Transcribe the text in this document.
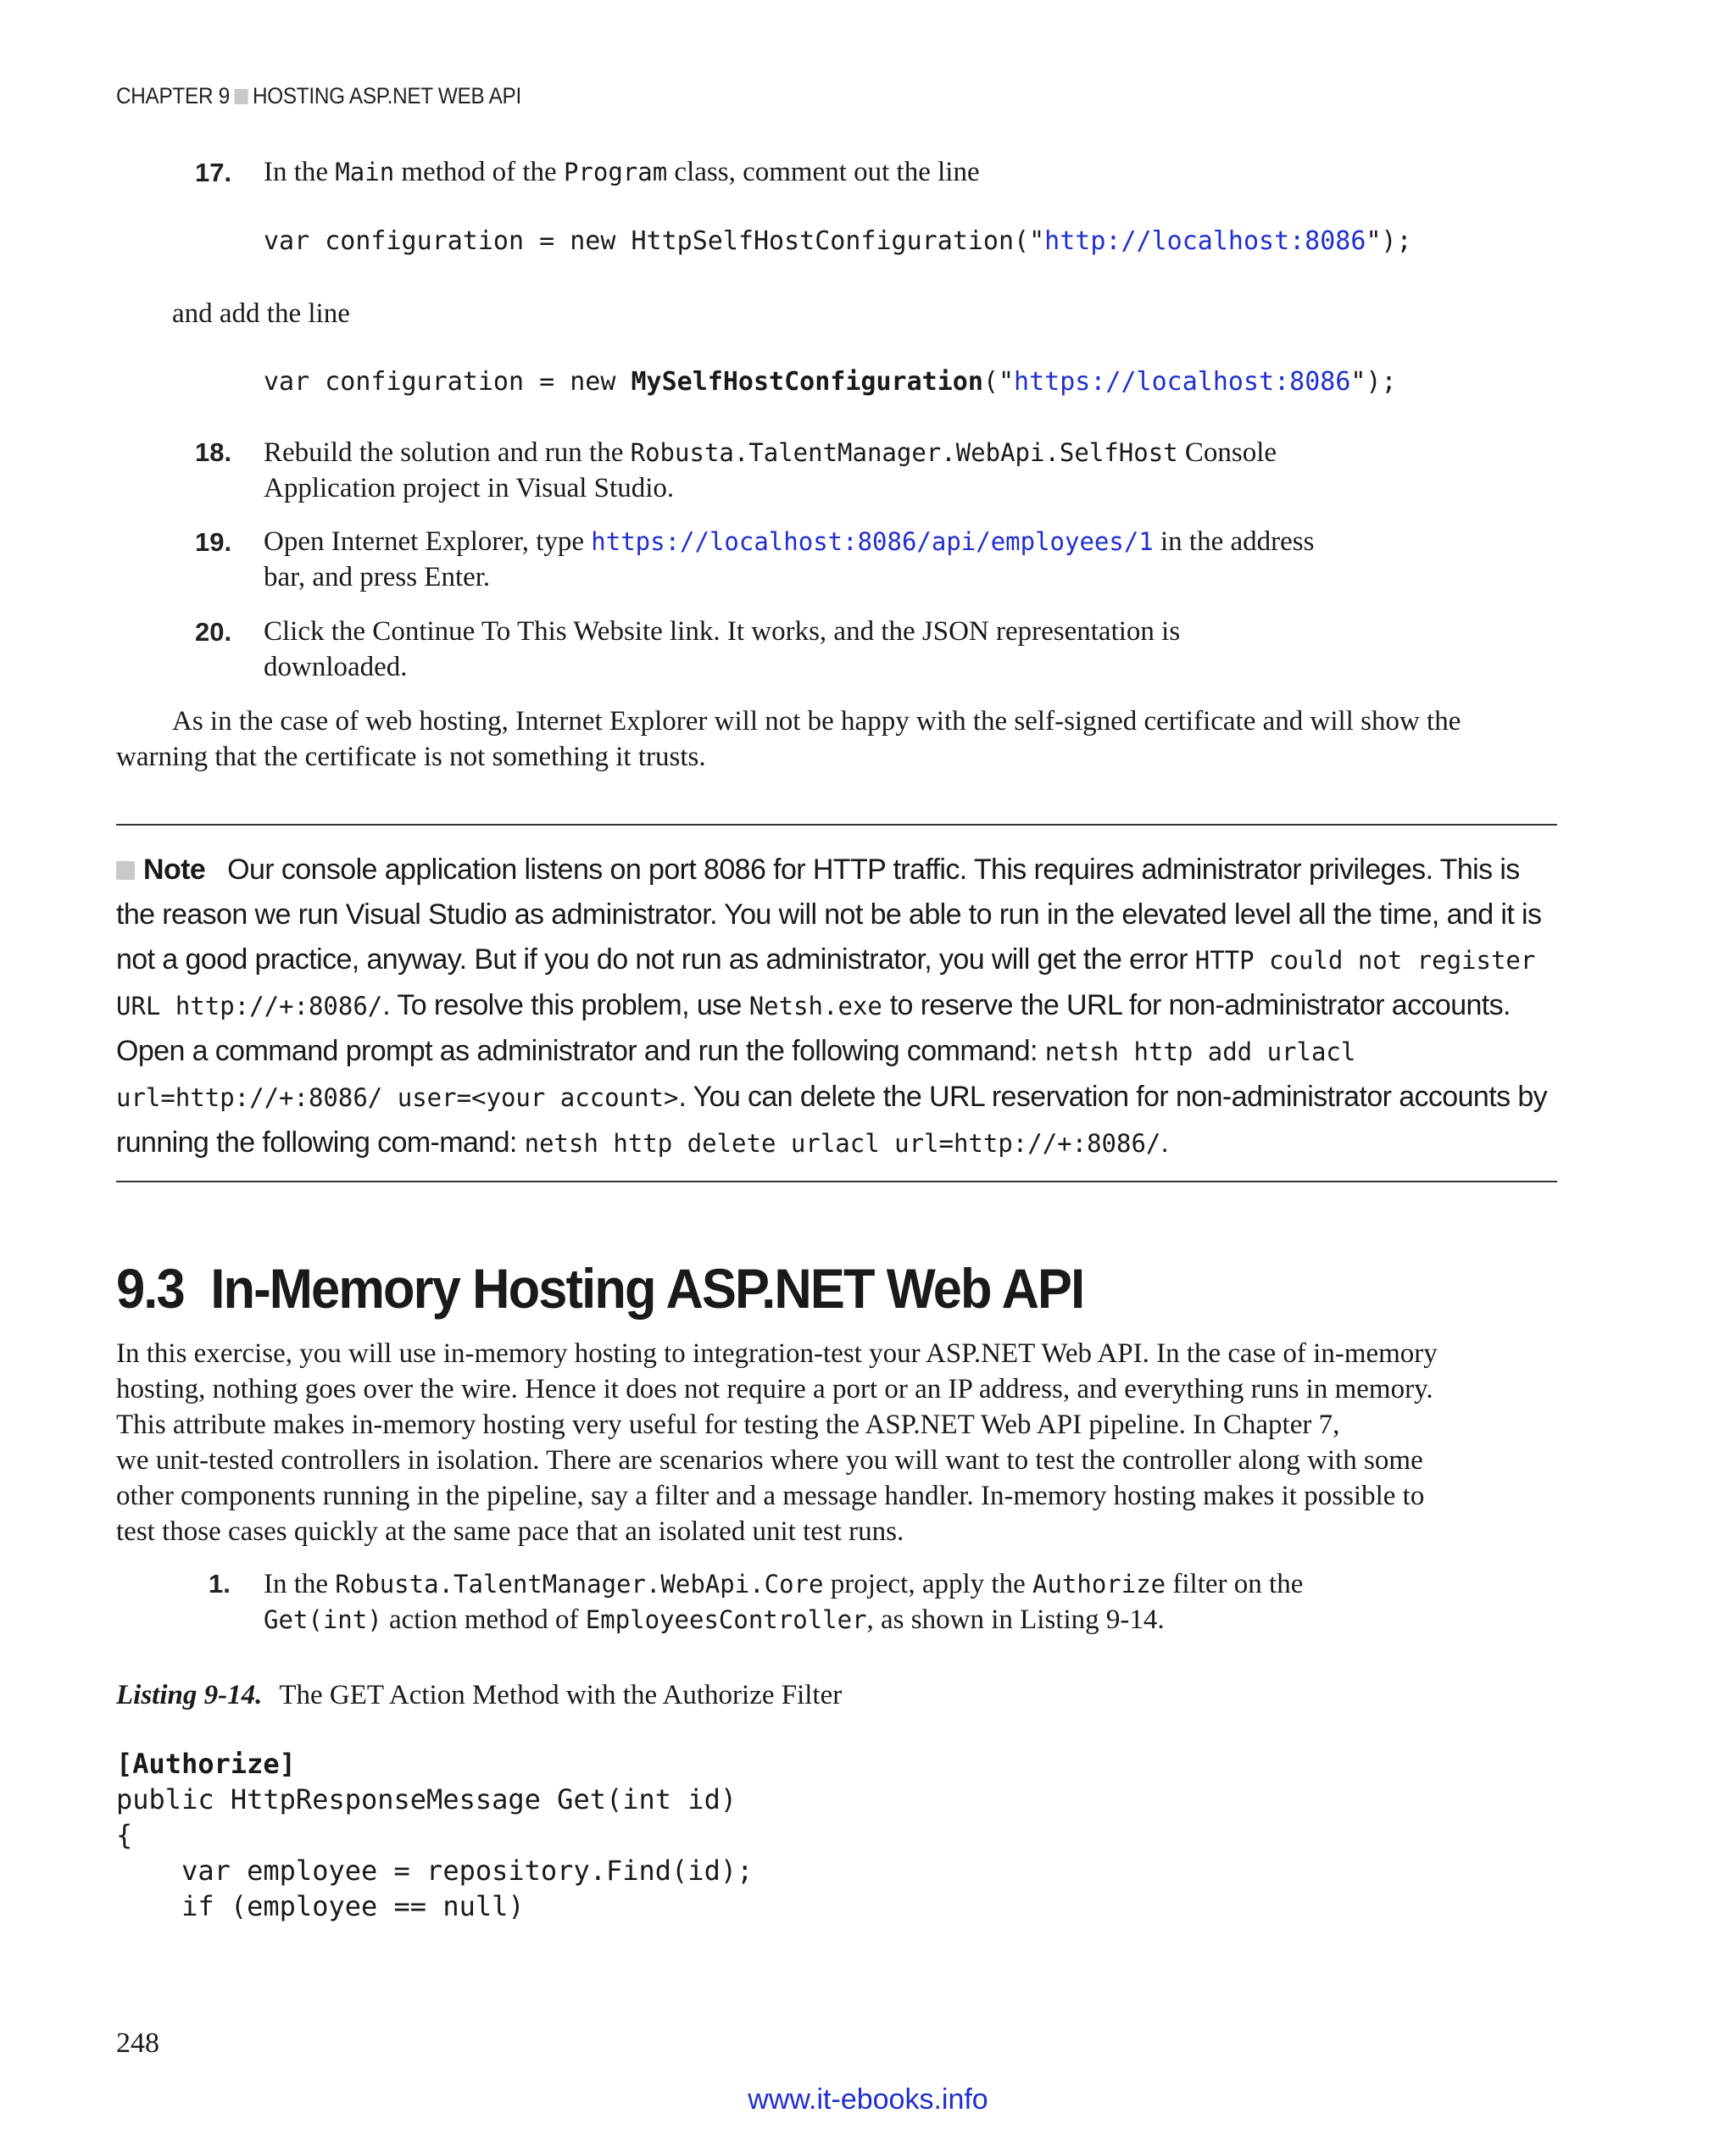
CHAPTER 9 HOSTING ASP.NET WEB API
17. In the Main method of the Program class, comment out the line
var configuration = new HttpSelfHostConfiguration("http://localhost:8086");
and add the line
var configuration = new MySelfHostConfiguration("https://localhost:8086");
18. Rebuild the solution and run the Robusta.TalentManager.WebApi.SelfHost Console
Application project in Visual Studio.
19. Open Internet Explorer, type https://localhost:8086/api/employees/1 in the address
bar, and press Enter.
20. Click the Continue To This Website link. It works, and the JSON representation is
downloaded.
As in the case of web hosting, Internet Explorer will not be happy with the self-signed certificate and will show the
warning that the certificate is not something it trusts.
Note Our console application listens on port 8086 for HTTP traffic. This requires administrator privileges. This is the reason we run Visual Studio as administrator. You will not be able to run in the elevated level all the time, and it is not a good practice, anyway. But if you do not run as administrator, you will get the error HTTP could not register URL http://+:8086/. To resolve this problem, use Netsh.exe to reserve the URL for non-administrator accounts. Open a command prompt as administrator and run the following command: netsh http add urlacl url=http://+:8086/ user=<your account>. You can delete the URL reservation for non-administrator accounts by running the following com-mand: netsh http delete urlacl url=http://+:8086/.
9.3 In-Memory Hosting ASP.NET Web API
In this exercise, you will use in-memory hosting to integration-test your ASP.NET Web API. In the case of in-memory
hosting, nothing goes over the wire. Hence it does not require a port or an IP address, and everything runs in memory.
This attribute makes in-memory hosting very useful for testing the ASP.NET Web API pipeline. In Chapter 7,
we unit-tested controllers in isolation. There are scenarios where you will want to test the controller along with some
other components running in the pipeline, say a filter and a message handler. In-memory hosting makes it possible to
test those cases quickly at the same pace that an isolated unit test runs.
1. In the Robusta.TalentManager.WebApi.Core project, apply the Authorize filter on the
Get(int) action method of EmployeesController, as shown in Listing 9-14.
Listing 9-14. The GET Action Method with the Authorize Filter
[Authorize]
public HttpResponseMessage Get(int id)
{
var employee = repository.Find(id);
if (employee == null)
248
www.it-ebooks.info
